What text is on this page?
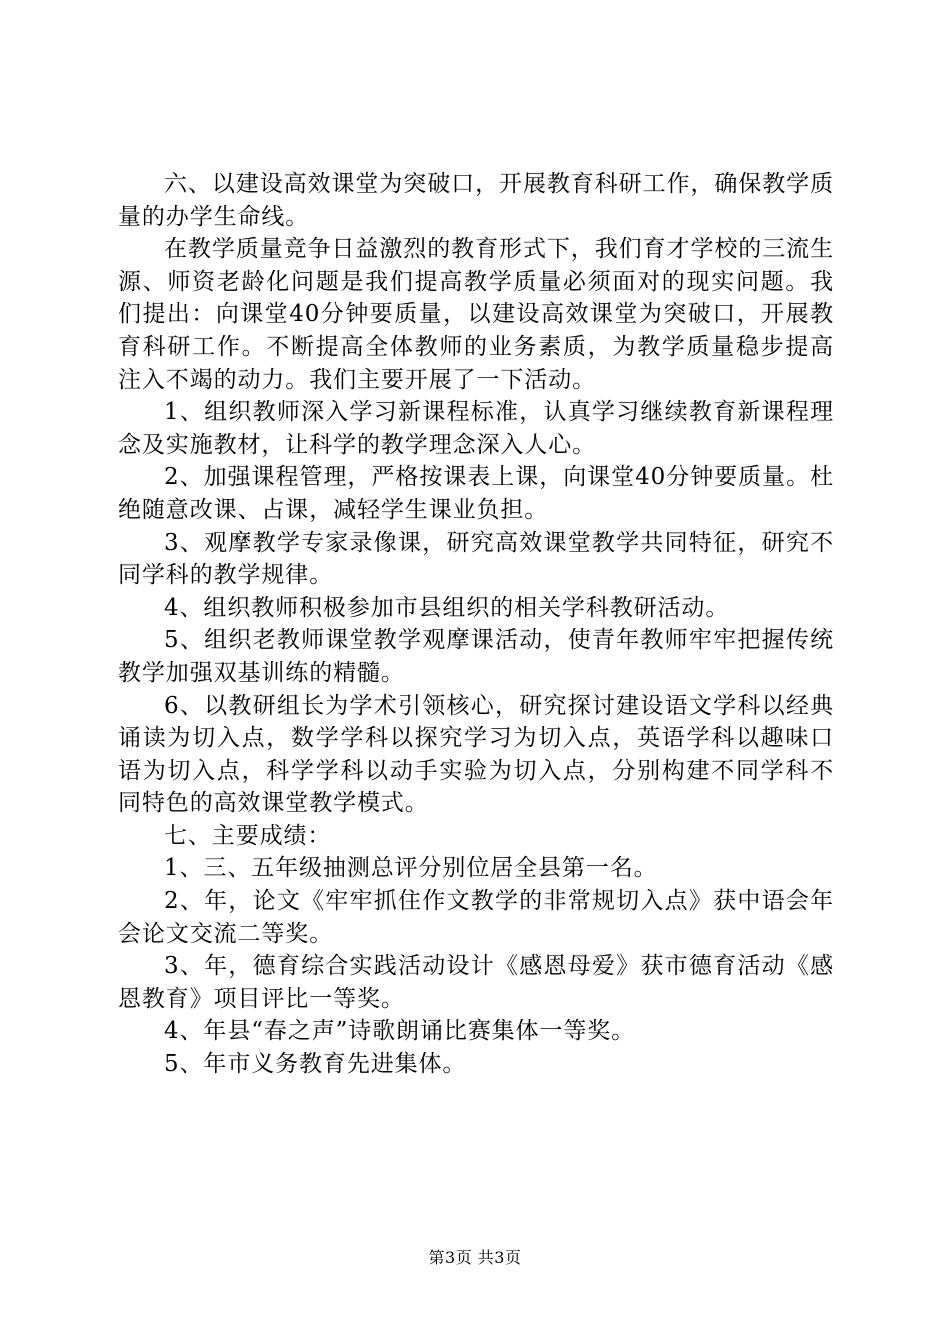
六、以建设高效课堂为突破口，开展教育科研工作，确保教学质量的办学生命线。

在教学质量竞争日益激烈的教育形式下，我们育才学校的三流生源、师资老龄化问题是我们提高教学质量必须面对的现实问题。我们提出：向课堂40分钟要质量，以建设高效课堂为突破口，开展教育科研工作。不断提高全体教师的业务素质，为教学质量稳步提高注入不竭的动力。我们主要开展了一下活动。

1、组织教师深入学习新课程标准，认真学习继续教育新课程理念及实施教材，让科学的教学理念深入人心。

2、加强课程管理，严格按课表上课，向课堂40分钟要质量。杜绝随意改课、占课，减轻学生课业负担。

3、观摩教学专家录像课，研究高效课堂教学共同特征，研究不同学科的教学规律。

4、组织教师积极参加市县组织的相关学科教研活动。

5、组织老教师课堂教学观摩课活动，使青年教师牢牢把握传统教学加强双基训练的精髓。

6、以教研组长为学术引领核心，研究探讨建设语文学科以经典诵读为切入点，数学学科以探究学习为切入点，英语学科以趣味口语为切入点，科学学科以动手实验为切入点，分别构建不同学科不同特色的高效课堂教学模式。

七、主要成绩：

1、三、五年级抽测总评分别位居全县第一名。

2、年，论文《牢牢抓住作文教学的非常规切入点》获中语会年会论文交流二等奖。

3、年，德育综合实践活动设计《感恩母爱》获市德育活动《感恩教育》项目评比一等奖。

4、年县“春之声”诗歌朗诵比赛集体一等奖。

5、年市义务教育先进集体。

第3页 共3页
